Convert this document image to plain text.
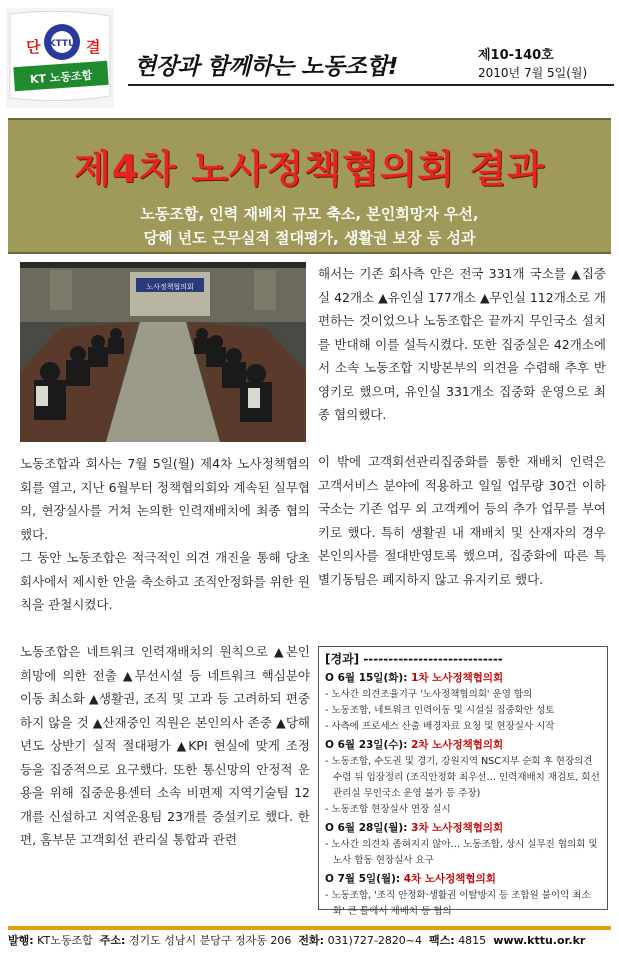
KTTU
단	결
KT 노동조합 현장과 함께하는 노동조합!	제10-140호
2010년 7월 5일(월)
제4차 노사정책협의회 결과
노동조합, 인력 재배치 규모 축소, 본인희망자 우선,
당해 년도 근무실적 절대평가, 생활권 보장 등 성과
노사정책협의회

노동조합과 회사는 7월 5일(월) 제4차 노사정책협의회를 열고, 지난 6월부터 정책협의회와 계속된 실무협의, 현장실사를 거쳐 논의한 인력재배치에 최종 협의했다.

그 동안 노동조합은 적극적인 의견 개진을 통해 당초 회사에서 제시한 안을 축소하고 조직안정화를 위한 원칙을 관철시켰다.

노동조합은 네트워크 인력재배치의 원칙으로 ▲본인 희망에 의한 전출 ▲무선시설 등 네트워크 핵심분야 이동 최소화 ▲생활권, 조직 및 고과 등 고려하되 편중하지 않을 것 ▲산재중인 직원은 본인의사 존중 ▲당해 년도 상반기 실적 절대평가 ▲KPI 현실에 맞게 조정 등을 집중적으로 요구했다. 또한 통신망의 안정적 운용을 위해 집중운용센터 소속 비편제 지역기술팀 12개를 신설하고 지역운용팀 23개를 증설키로 했다. 한편, 홈부문 고객회선 관리실 통합과 관련

해서는 기존 회사측 안은 전국 331개 국소를 ▲집중실 42개소 ▲유인실 177개소 ▲무인실 112개소로 개편하는 것이었으나 노동조합은 끝까지 무인국소 설치를 반대해 이를 설득시켰다. 또한 집중실은 42개소에서 소속 노동조합 지방본부의 의견을 수렴해 추후 반영키로 했으며, 유인실 331개소 집중화 운영으로 최종 협의했다.

이 밖에 고객회선관리집중화를 통한 재배치 인력은 고객서비스 분야에 적용하고 일일 업무량 30건 이하 국소는 기존 업무 외 고객케어 등의 추가 업무를 부여키로 했다. 특히 생활권 내 재배치 및 산재자의 경우 본인의사를 절대반영토록 했으며, 집중화에 따른 특별기동팀은 폐지하지 않고 유지키로 했다.

[경과] ----------------------------
O 6월 15일(화): 1차 노사정책협의회
- 노사간 의견조율기구 '노사정책협의회' 운영 합의
- 노동조합, 네트워크 인력이동 및 시설실 집중화안 성토
- 사측에 프로세스 산출 배경자료 요청 및 현장실사 시작
O 6월 23일(수): 2차 노사정책협의회
- 노동조합, 수도권 및 경기, 강원지역 NSC지부 순회 후 현장의견 수렴 뒤 입장정리 (조직안정화 최우선… 인력재배치 재검토, 회선관리실 무인국소 운영 불가 등 주장)
- 노동조합 현장실사 연장 실시
O 6월 28일(월): 3차 노사정책협의회
- 노사간 의견차 좁혀지지 않아… 노동조합, 상시 실무진 협의회 및 노사 합동 현장실사 요구
O 7월 5일(월): 4차 노사정책협의회
- 노동조합, '조직 안정화·생활권 이탈방지 등 조합원 불이익 최소화' 큰 틀에서 재배치 등 협의
발행: KT노동조합 주소: 경기도 성남시 분당구 정자동 206 전화: 031)727-2820~4 팩스: 4815 www.kttu.or.kr
